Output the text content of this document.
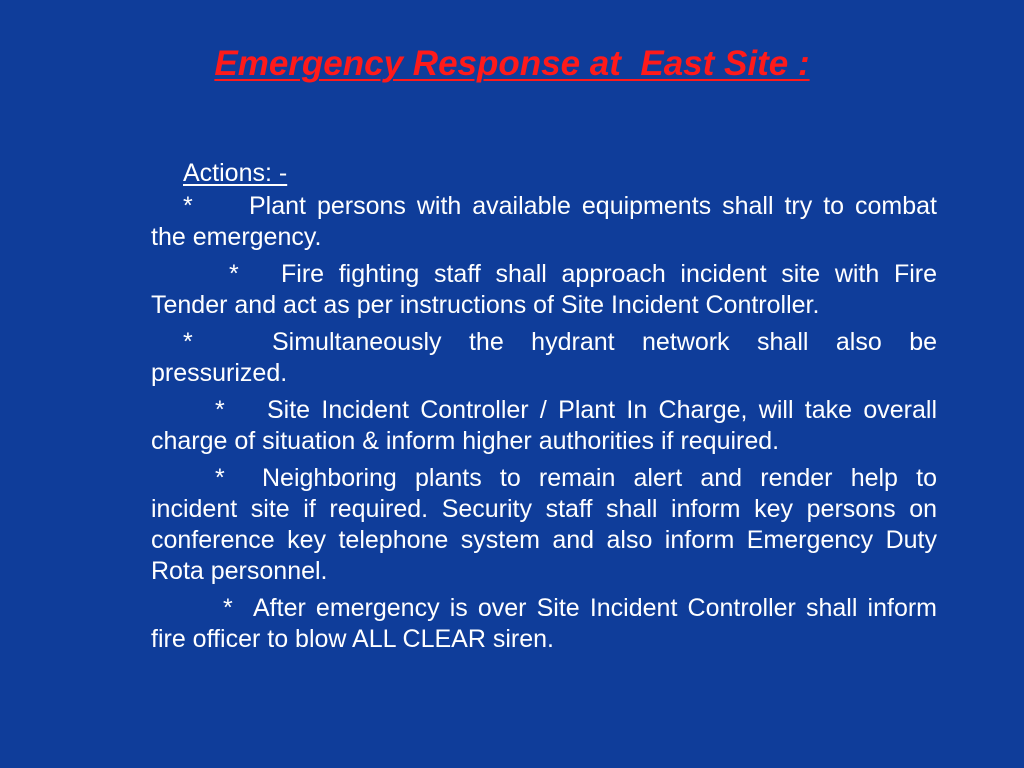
Emergency Response at  East Site :
Actions: -
* Plant persons with available equipments shall try to combat the emergency.
* Fire fighting staff shall approach incident site with Fire Tender and act as per instructions of Site Incident Controller.
*	Simultaneously the hydrant network shall also be pressurized.
* Site Incident Controller / Plant In Charge, will take overall charge of situation & inform higher authorities if required.
* Neighboring plants to remain alert and render help to incident site if required. Security staff shall inform key persons on conference key telephone system and also inform Emergency Duty Rota personnel.
* After emergency is over Site Incident Controller shall inform fire officer to blow ALL CLEAR siren.
